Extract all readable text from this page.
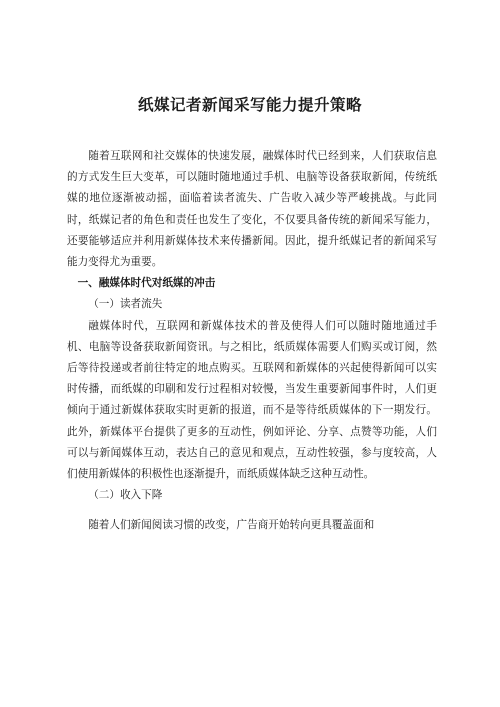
纸媒记者新闻采写能力提升策略

随着互联网和社交媒体的快速发展，融媒体时代已经到来，人们获取信息的方式发生巨大变革，可以随时随地通过手机、电脑等设备获取新闻，传统纸媒的地位逐渐被动摇，面临着读者流失、广告收入减少等严峻挑战。与此同时，纸媒记者的角色和责任也发生了变化，不仅要具备传统的新闻采写能力，还要能够适应并利用新媒体技术来传播新闻。因此，提升纸媒记者的新闻采写能力变得尤为重要。

一、融媒体时代对纸媒的冲击

（一）读者流失

融媒体时代，互联网和新媒体技术的普及使得人们可以随时随地通过手机、电脑等设备获取新闻资讯。与之相比，纸质媒体需要人们购买或订阅，然后等待投递或者前往特定的地点购买。互联网和新媒体的兴起使得新闻可以实时传播，而纸媒的印刷和发行过程相对较慢，当发生重要新闻事件时，人们更倾向于通过新媒体获取实时更新的报道，而不是等待纸质媒体的下一期发行。此外，新媒体平台提供了更多的互动性，例如评论、分享、点赞等功能，人们可以与新闻媒体互动，表达自己的意见和观点，互动性较强，参与度较高，人们使用新媒体的积极性也逐渐提升，而纸质媒体缺乏这种互动性。

（二）收入下降

随着人们新闻阅读习惯的改变，广告商开始转向更具覆盖面和
